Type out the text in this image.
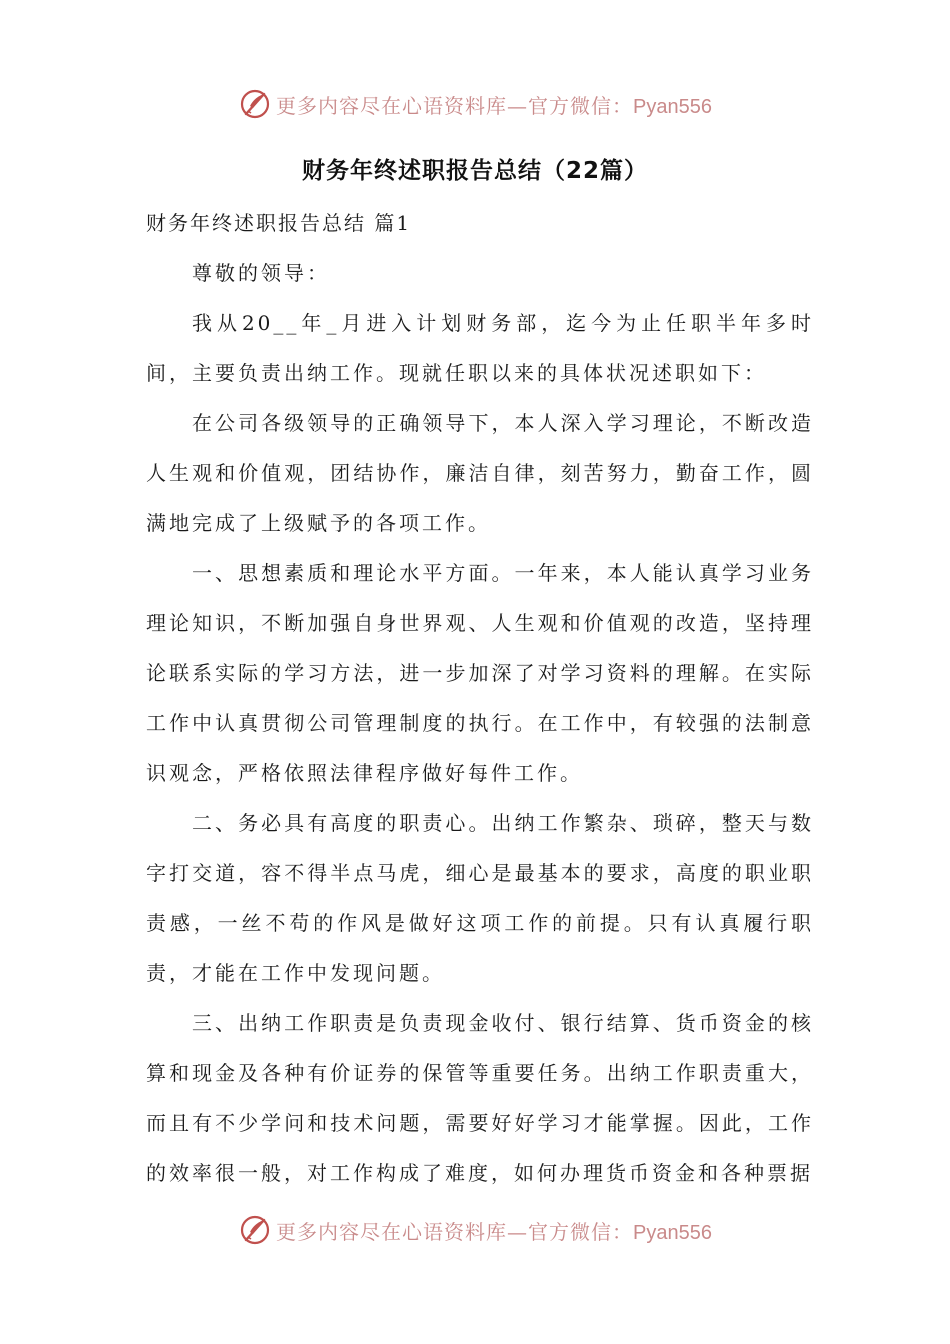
更多内容尽在心语资料库—官方微信：Pyan556
财务年终述职报告总结（22篇）

财务年终述职报告总结 篇1

尊敬的领导：

我从20__年_月进入计划财务部，迄今为止任职半年多时间，主要负责出纳工作。现就任职以来的具体状况述职如下：

在公司各级领导的正确领导下，本人深入学习理论，不断改造人生观和价值观，团结协作，廉洁自律，刻苦努力，勤奋工作，圆满地完成了上级赋予的各项工作。

一、思想素质和理论水平方面。一年来，本人能认真学习业务理论知识，不断加强自身世界观、人生观和价值观的改造，坚持理论联系实际的学习方法，进一步加深了对学习资料的理解。在实际工作中认真贯彻公司管理制度的执行。在工作中，有较强的法制意识观念，严格依照法律程序做好每件工作。

二、务必具有高度的职责心。出纳工作繁杂、琐碎，整天与数字打交道，容不得半点马虎，细心是最基本的要求，高度的职业职责感，一丝不苟的作风是做好这项工作的前提。只有认真履行职责，才能在工作中发现问题。

三、出纳工作职责是负责现金收付、银行结算、货币资金的核算和现金及各种有价证券的保管等重要任务。出纳工作职责重大，而且有不少学问和技术问题，需要好好学习才能掌握。因此，工作的效率很一般，对工作构成了难度，如何办理货币资金和各种票据

更多内容尽在心语资料库—官方微信：Pyan556
